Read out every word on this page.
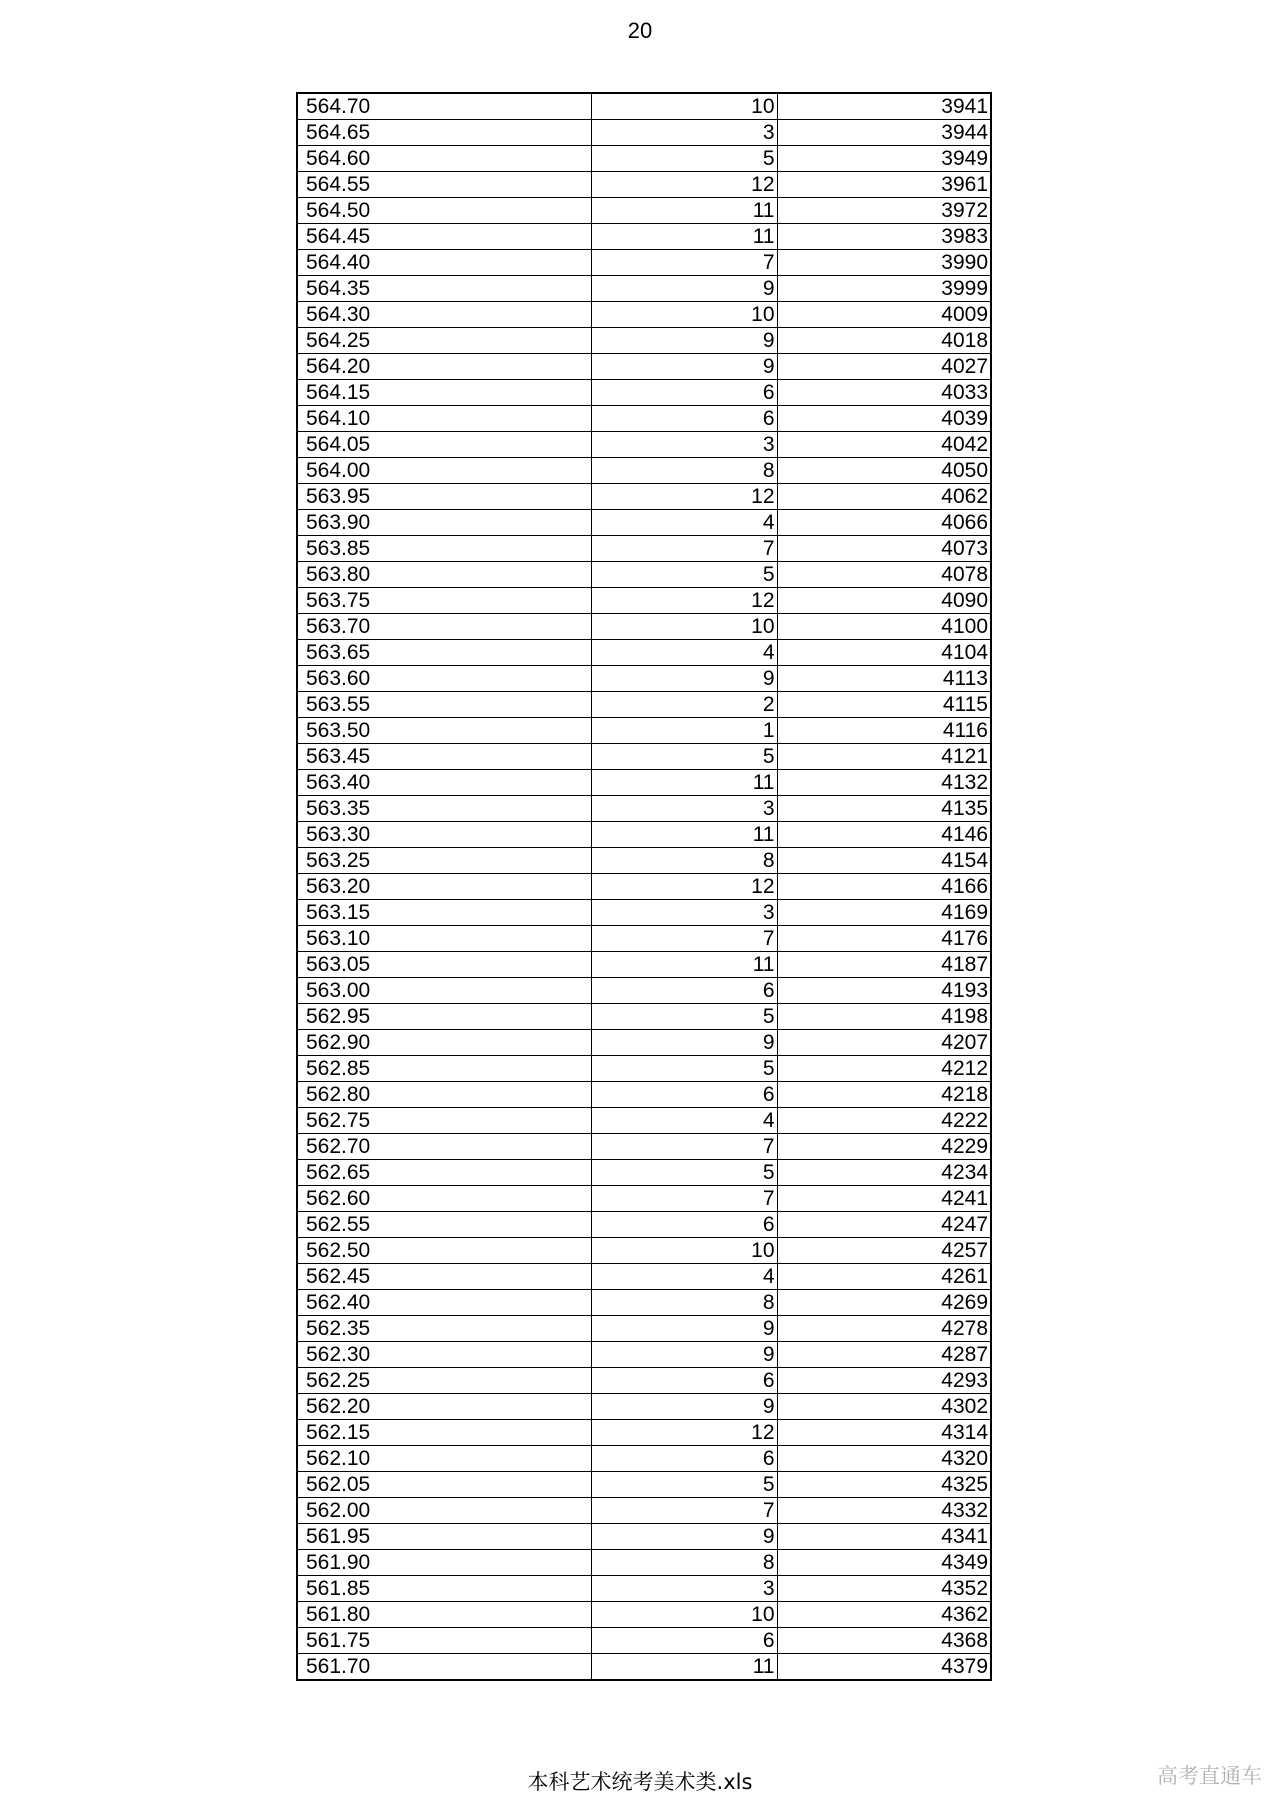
20
564.70	10	3941
564.65	3	3944
564.60	5	3949
564.55	12	3961
564.50	11	3972
564.45	11	3983
564.40	7	3990
564.35	9	3999
564.30	10	4009
564.25	9	4018
564.20	9	4027
564.15	6	4033
564.10	6	4039
564.05	3	4042
564.00	8	4050
563.95	12	4062
563.90	4	4066
563.85	7	4073
563.80	5	4078
563.75	12	4090
563.70	10	4100
563.65	4	4104
563.60	9	4113
563.55	2	4115
563.50	1	4116
563.45	5	4121
563.40	11	4132
563.35	3	4135
563.30	11	4146
563.25	8	4154
563.20	12	4166
563.15	3	4169
563.10	7	4176
563.05	11	4187
563.00	6	4193
562.95	5	4198
562.90	9	4207
562.85	5	4212
562.80	6	4218
562.75	4	4222
562.70	7	4229
562.65	5	4234
562.60	7	4241
562.55	6	4247
562.50	10	4257
562.45	4	4261
562.40	8	4269
562.35	9	4278
562.30	9	4287
562.25	6	4293
562.20	9	4302
562.15	12	4314
562.10	6	4320
562.05	5	4325
562.00	7	4332
561.95	9	4341
561.90	8	4349
561.85	3	4352
561.80	10	4362
561.75	6	4368
561.70	11	4379
本科艺术统考美术类.xls	高考直通车
